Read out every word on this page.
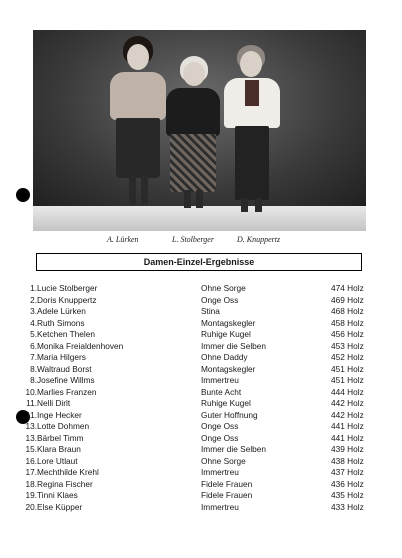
A. Lürken	L. Stolberger	D. Knuppertz
Damen-Einzel-Ergebnisse
1. Lucie Stolberger	Ohne Sorge	474 Holz
2. Doris Knuppertz	Onge Oss	469 Holz
3. Adele Lürken	Stina	468 Holz
4. Ruth Simons	Montagskegler	458 Holz
5. Ketchen Thelen	Ruhige Kugel	456 Holz
6. Monika Freialdenhoven	Immer die Selben	453 Holz
7. Maria Hilgers	Ohne Daddy	452 Holz
8. Waltraud Borst	Montagskegler	451 Holz
8. Josefine Willms	Immertreu	451 Holz
10. Marlies Franzen	Bunte Acht	444 Holz
11. Nelli Dirlt	Ruhige Kugel	442 Holz
11. Inge Hecker	Guter Hoffnung	442 Holz
13. Lotte Dohmen	Onge Oss	441 Holz
13. Bärbel Timm	Onge Oss	441 Holz
15. Klara Braun	Immer die Selben	439 Holz
16. Lore Utlaut	Ohne Sorge	438 Holz
17. Mechthilde Krehl	Immertreu	437 Holz
18. Regina Fischer	Fidele Frauen	436 Holz
19. Tinni Klaes	Fidele Frauen	435 Holz
20. Else Küpper	Immertreu	433 Holz
